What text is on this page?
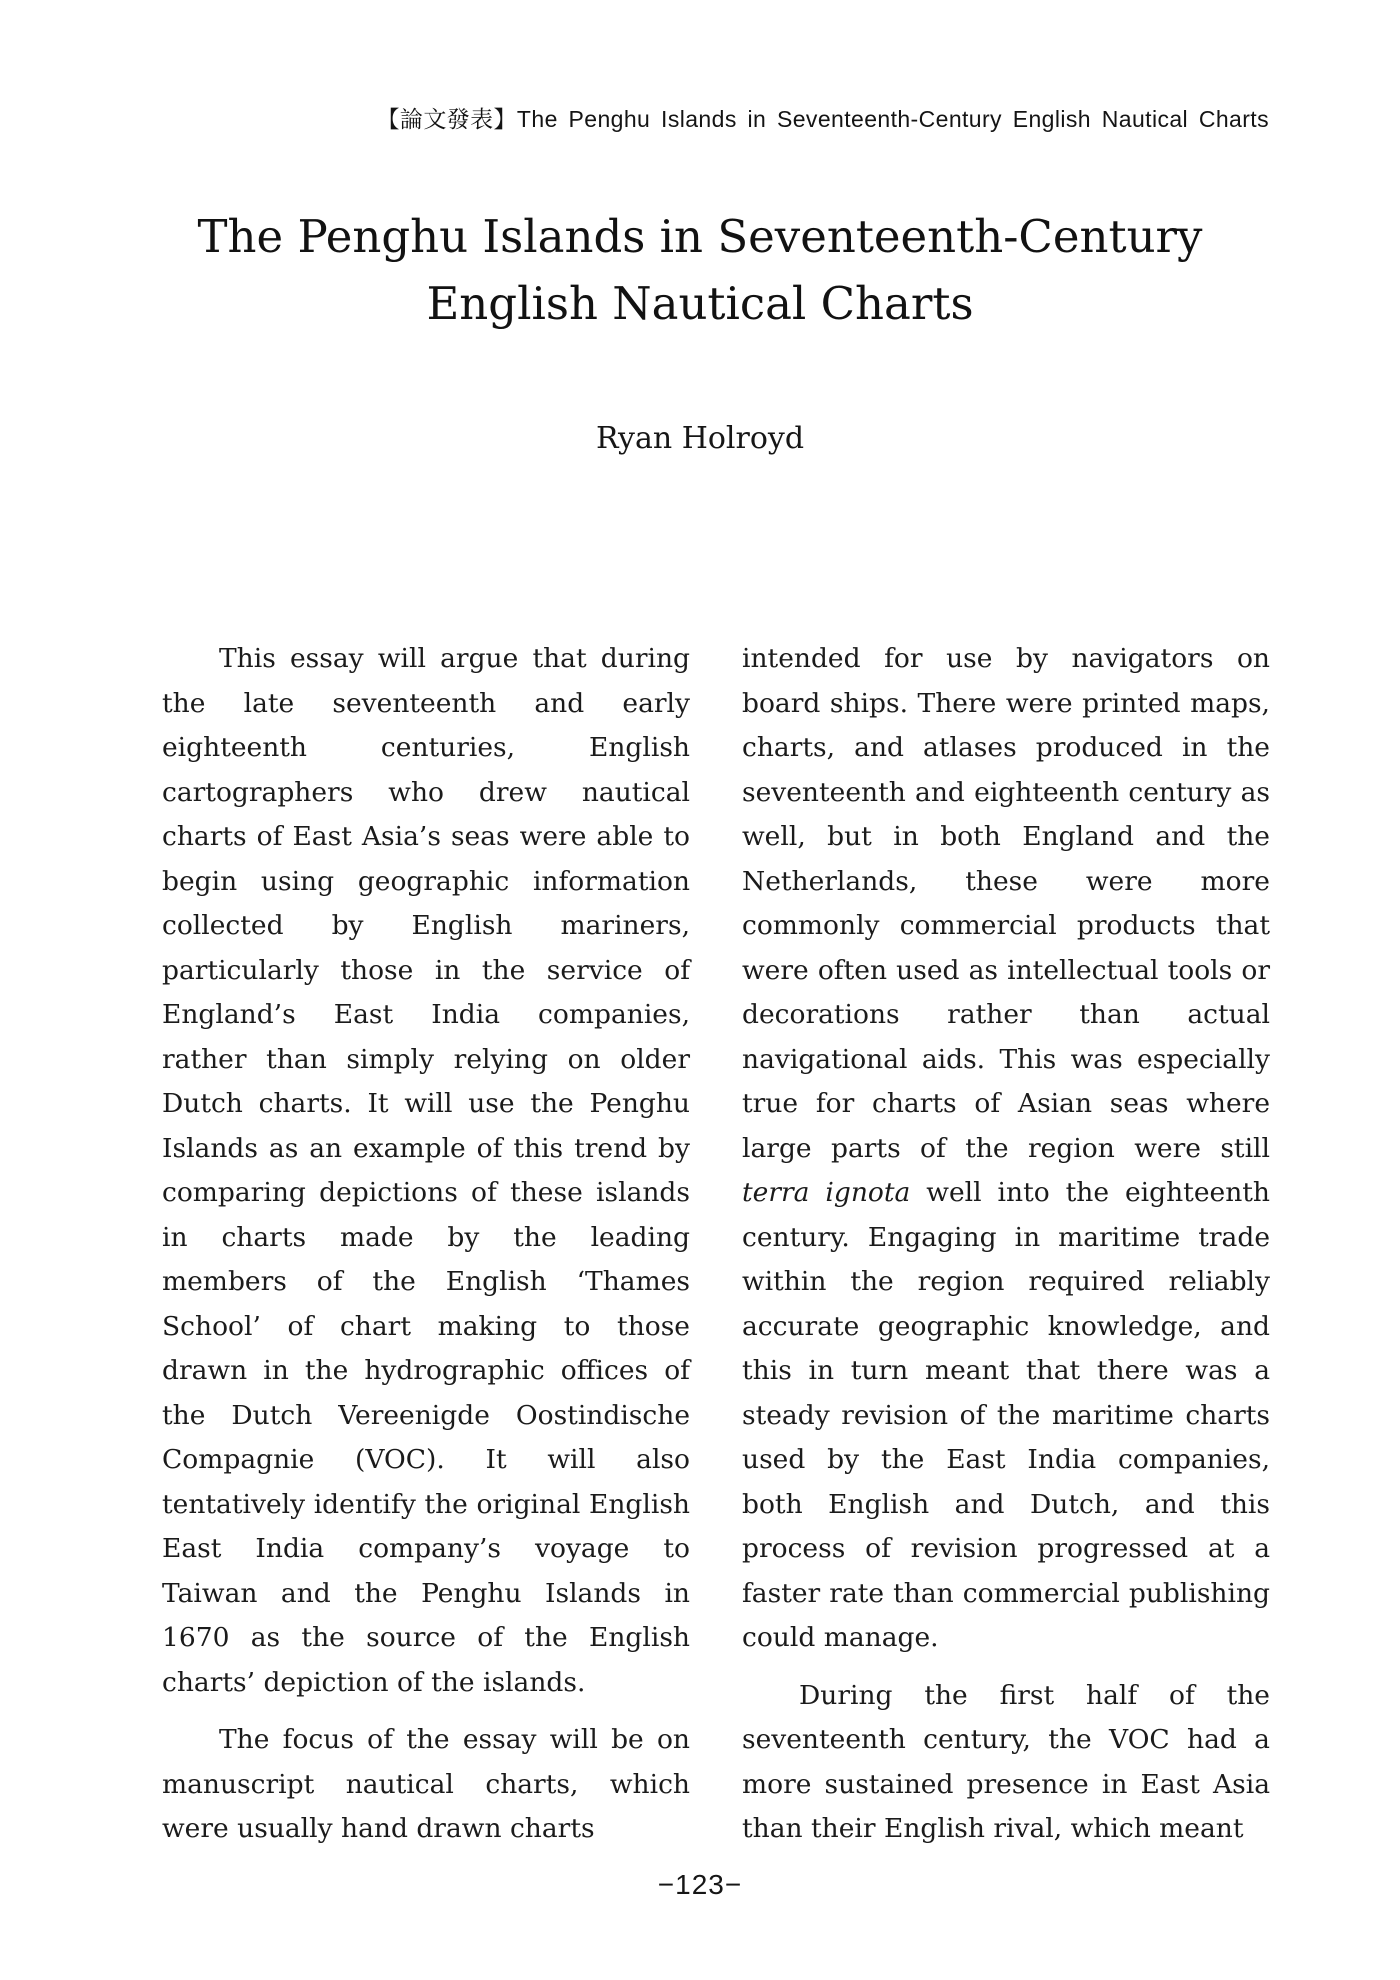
【論文發表】The Penghu Islands in Seventeenth-Century English Nautical Charts
The Penghu Islands in Seventeenth-Century
English Nautical Charts
Ryan Holroyd

This essay will argue that during the late seventeenth and early eighteenth centuries, English cartographers who drew nautical charts of East Asia’s seas were able to begin using geographic information collected by English mariners, particularly those in the service of England’s East India companies, rather than simply relying on older Dutch charts. It will use the Penghu Islands as an example of this trend by comparing depictions of these islands in charts made by the leading members of the English ‘Thames School’ of chart making to those drawn in the hydrographic offices of the Dutch Vereenigde Oostindische Compagnie (VOC). It will also tentatively identify the original English East India company’s voyage to Taiwan and the Penghu Islands in 1670 as the source of the English charts’ depiction of the islands.

The focus of the essay will be on manuscript nautical charts, which were usually hand drawn charts

intended for use by navigators on board ships. There were printed maps, charts, and atlases produced in the seventeenth and eighteenth century as well, but in both England and the Netherlands, these were more commonly commercial products that were often used as intellectual tools or decorations rather than actual navigational aids. This was especially true for charts of Asian seas where large parts of the region were still terra ignota well into the eighteenth century. Engaging in maritime trade within the region required reliably accurate geographic knowledge, and this in turn meant that there was a steady revision of the maritime charts used by the East India companies, both English and Dutch, and this process of revision progressed at a faster rate than commercial publishing could manage.

During the first half of the seventeenth century, the VOC had a more sustained presence in East Asia than their English rival, which meant

−123−
